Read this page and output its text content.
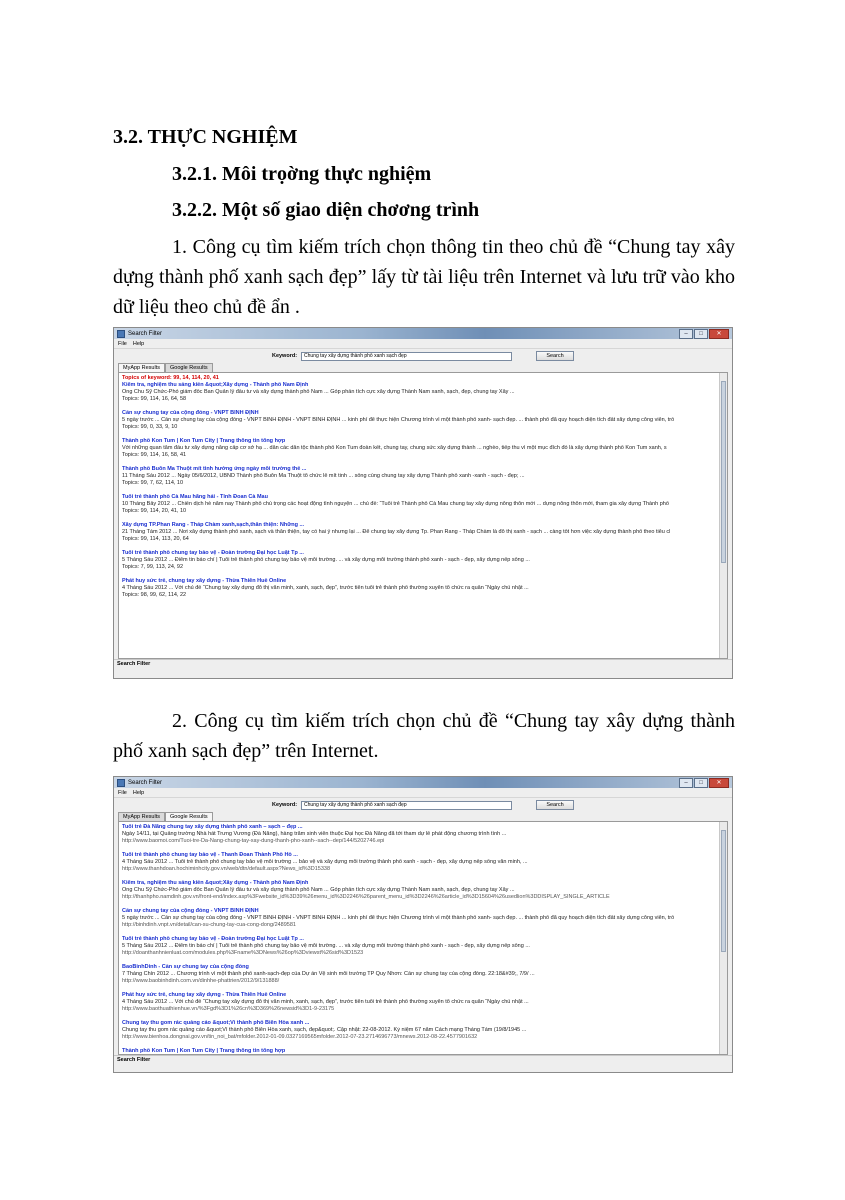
3.2. THỰC NGHIỆM
3.2.1. Môi trọờng thực nghiệm
3.2.2. Một số giao diện chơơng trình
1. Công cụ tìm kiếm trích chọn thông tin theo chủ đề “Chung tay xây dựng thành phố xanh sạch đẹp” lấy từ tài liệu trên Internet và lưu trữ vào kho dữ liệu theo chủ đề ẩn .
Search Filter	‒	□	✕
File Help
Keyword:	Chung tay xây dựng thành phố xanh sạch đẹp	Search
MyApp Results	Google Results
Topics of keyword: 99, 14, 114, 20, 41
Kiểm tra, nghiệm thu sáng kiến &quot;Xây dựng - Thành phố Nam Định
Ông Chu Sỹ Chức-Phó giám đốc Ban Quản lý đầu tư và xây dựng thành phố Nam ... Góp phần tích cực xây dựng Thành Nam xanh, sạch, đẹp, chung tay Xây ...
Topics: 99, 114, 16, 64, 58
Cần sự chung tay của cộng đồng - VNPT BÌNH ĐỊNH
5 ngày trước ... Cần sự chung tay của cộng đồng - VNPT BÌNH ĐỊNH - VNPT BÌNH ĐỊNH ... kinh phí để thực hiện Chương trình vì một thành phố xanh- sạch đẹp. ... thành phố đã quy hoạch diện tích đất xây dựng công viên, trồ
Topics: 99, 0, 33, 9, 10
Thành phố Kon Tum | Kon Tum City | Trang thông tin tổng hợp
Với những quan tâm đầu tư xây dựng nâng cấp cơ sở hạ ... dân các dân tộc thành phố Kon Tum đoàn kết, chung tay, chung sức xây dựng thành ... nghèo, tiếp thu vì một mục đích đó là xây dựng thành phố Kon Tum xanh, s
Topics: 99, 114, 16, 58, 41
Thành phố Buôn Ma Thuột mít tinh hưởng ứng ngày môi trường thế ...
11 Tháng Sáu 2012 ... Ngày 05/6/2012, UBND Thành phố Buôn Ma Thuột tổ chức lễ mít tinh ... sống cùng chung tay xây dựng Thành phố xanh -xanh - sạch - đẹp; ...
Topics: 99, 7, 62, 114, 10
Tuổi trẻ thành phố Cà Mau hăng hái - Tỉnh Đoan Cà Mau
10 Tháng Bảy 2012 ... Chiến dịch hè năm nay Thành phố chú trọng các hoạt động tình nguyện ... chủ đề: “Tuổi trẻ Thành phố Cà Mau chung tay xây dựng nông thôn mới ... dựng nông thôn mới, tham gia xây dựng Thành phố
Topics: 99, 114, 20, 41, 10
Xây dựng TP.Phan Rang - Tháp Chàm xanh,sạch,thân thiện: Những ...
21 Tháng Tám 2012 ... Nơi xây dựng thành phố xanh, sạch và thân thiện, tay có hai ý nhưng lại ... Để chung tay xây dựng Tp. Phan Rang - Tháp Chàm là đô thị xanh - sạch ... càng tốt hơn việc xây dựng thành phố theo tiêu cl
Topics: 99, 114, 113, 20, 64
Tuổi trẻ thành phố chung tay bảo vệ - Đoàn trường Đại học Luật Tp ...
5 Tháng Sáu 2012 ... Điểm tin báo chí | Tuổi trẻ thành phố chung tay bảo vệ môi trường. ... và xây dựng môi trường thành phố xanh - sạch - đẹp, xây dựng nếp sống ...
Topics: 7, 99, 113, 24, 92
Phát huy sức trẻ, chung tay xây dựng - Thừa Thiên Huế Online
4 Tháng Sáu 2012 ... Với chủ đề “Chung tay xây dựng đô thị văn minh, xanh, sạch, đẹp”, trước tiên tuổi trẻ thành phố thường xuyên tổ chức ra quân “Ngày chủ nhật ...
Topics: 98, 99, 62, 114, 22
Search Filter
2. Công cụ tìm kiếm trích chọn chủ đề “Chung tay xây dựng thành phố xanh sạch đẹp” trên Internet.
Search Filter	‒	□	✕
File Help
Keyword:	Chung tay xây dựng thành phố xanh sạch đẹp	Search
MyApp Results	Google Results
Tuổi trẻ Đà Nẵng chung tay xây dựng thành phố xanh – sạch – đẹp ...
Ngày 14/11, tại Quảng trường Nhà hát Trưng Vương (Đà Nẵng), hàng trăm sinh viên thuộc Đại học Đà Nẵng đã tới tham dự lễ phát động chương trình tình ...
http://www.baomoi.com/Tuoi-tre-Da-Nang-chung-tay-xay-dung-thanh-pho-xanh--sach--dep/144/5202746.epi
Tuổi trẻ thành phố chung tay bảo vệ - Thanh Đoan Thành Phố Hồ ...
4 Tháng Sáu 2012 ... Tuổi trẻ thành phố chung tay bảo vệ môi trường ... bảo vệ và xây dựng môi trường thành phố xanh - sạch - đẹp, xây dựng nếp sống văn minh, ...
http://www.thanhdoan.hochiminhcity.gov.vn/web/dtn/default.aspx?News_id%3D15338
Kiểm tra, nghiệm thu sáng kiến &quot;Xây dựng - Thành phố Nam Định
Ông Chu Sỹ Chức-Phó giám đốc Ban Quản lý đầu tư và xây dựng thành phố Nam ... Góp phần tích cực xây dựng Thành Nam xanh, sạch, đẹp, chung tay Xây ...
http://thanhpho.namdinh.gov.vn/front-end/index.asp%3Fwebsite_id%3D39%26menu_id%3D2246%26parent_menu_id%3D2246%26article_id%3D15604%26usedlion%3DDISPLAY_SINGLE_ARTICLE
Cần sự chung tay của cộng đồng - VNPT BÌNH ĐỊNH
5 ngày trước ... Cần sự chung tay của cộng đồng - VNPT BÌNH ĐỊNH - VNPT BÌNH ĐỊNH ... kinh phí để thực hiện Chương trình vì một thành phố xanh- sạch đẹp. ... thành phố đã quy hoạch diện tích đất xây dựng công viên, trồ
http://binhdinh.vnpt.vn/detail/can-su-chung-tay-cua-cong-dong/2489581
Tuổi trẻ thành phố chung tay bảo vệ - Đoàn trường Đại học Luật Tp ...
5 Tháng Sáu 2012 ... Điểm tin báo chí | Tuổi trẻ thành phố chung tay bảo vệ môi trường. ... và xây dựng môi trường thành phố xanh - sạch - đẹp, xây dựng nếp sống ...
http://doanthanhnienluat.com/modules.php%3Fname%3DNews%26op%3Dviewst%26sid%3D1523
BaoBinhDinh - Cần sự chung tay của cộng đồng
7 Tháng Chín 2012 ... Chương trình vì một thành phố xanh-sạch-đẹp của Dự án Vệ sinh môi trường TP Quy Nhơn: Cần sự chung tay của cộng đồng. 22:18&#39;, 7/9/ ...
http://www.baobinhdinh.com.vn/dinhhe-phattrien/2012/9/131888/
Phát huy sức trẻ, chung tay xây dựng - Thừa Thiên Huế Online
4 Tháng Sáu 2012 ... Với chủ đề “Chung tay xây dựng đô thị văn minh, xanh, sạch, đẹp”, trước tiên tuổi trẻ thành phố thường xuyên tổ chức ra quân “Ngày chủ nhật ...
http://www.baothuathienhue.vn/%3Fgd%3D1%26cn%3D369%26newsid%3D1-9-23175
Chung tay thu gom rác quảng cáo &quot;Vì thành phố Biên Hòa xanh ...
Chung tay thu gom rác quảng cáo &quot;Vì thành phố Biên Hòa xanh, sạch, đẹp&quot;. Cập nhật: 22-08-2012. Kỷ niệm 67 năm Cách mạng Tháng Tám (19/8/1945 ...
http://www.bienhoa.dongnai.gov.vn/tin_noi_bat/mfolder.2012-01-09.0327169565mfolder.2012-07-23.2714696773/mnews.2012-08-22.4577901632
Thành phố Kon Tum | Kon Tum City | Trang thông tin tổng hợp
Search Filter
